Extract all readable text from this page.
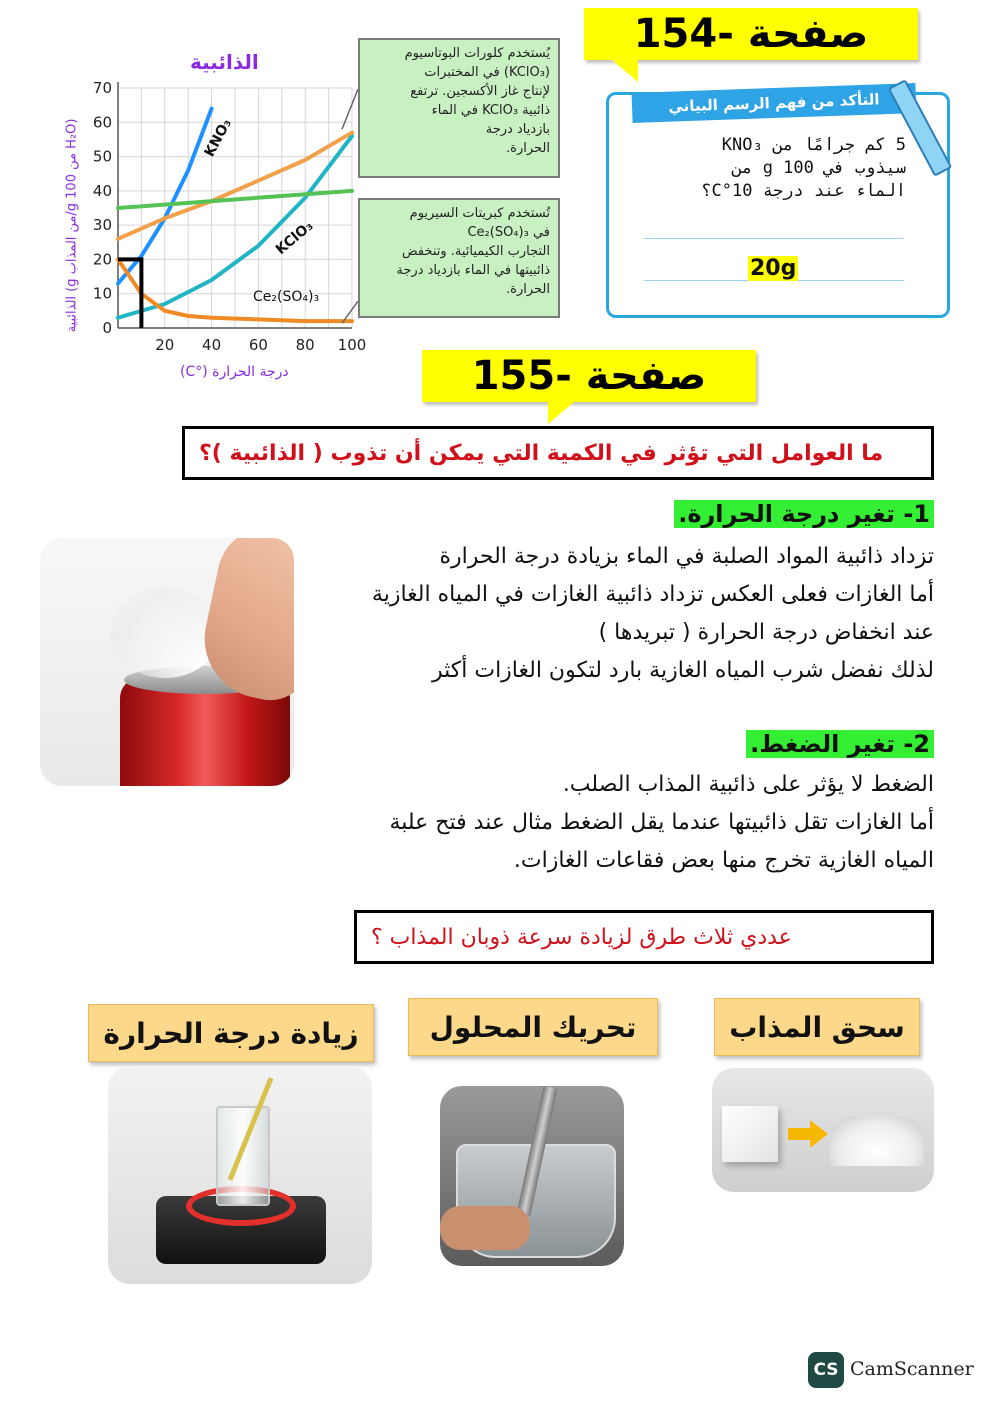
0
10
20
30
40
50
60
70
20 40 60 80 100
الذائبية
الذائبية (g من المذاب/g 100 من H₂O)
درجة الحرارة (°C)
KNO₃
KClO₃
Ce₂(SO₄)₃
يُستخدم كلورات البوتاسيوم
(KClO₃) في المختبرات
لإنتاج غاز الأكسجين. ترتفع
ذائبية KClO₃ في الماء
بازدياد درجة
الحرارة.
تُستخدم كبريتات السيريوم
في Ce₂(SO₄)₃
التجارب الكيميائية. وتنخفض
ذائبيتها في الماء بازدياد درجة الحرارة.
صفحة -154
التأكد من فهم الرسم البياني
5 كم جرامًا من KNO₃
سيذوب في g 100 من
الماء عند درجة 10°C؟
20g
صفحة -155
ما العوامل التي تؤثر في الكمية التي يمكن أن تذوب ( الذائبية )؟
1- تغير درجة الحرارة.
تزداد ذائبية المواد الصلبة في الماء بزيادة درجة الحرارة
أما الغازات فعلى العكس تزداد ذائبية الغازات في المياه الغازية
عند انخفاض درجة الحرارة ( تبريدها )
لذلك نفضل شرب المياه الغازية بارد لتكون الغازات أكثر
2- تغير الضغط.
الضغط لا يؤثر على ذائبية المذاب الصلب.
أما الغازات تقل ذائبيتها عندما يقل الضغط مثال عند فتح علبة
المياه الغازية تخرج منها بعض فقاعات الغازات.
عددي ثلاث طرق لزيادة سرعة ذوبان المذاب ؟
سحق المذاب
تحريك المحلول
زيادة درجة الحرارة
CS CamScanner
